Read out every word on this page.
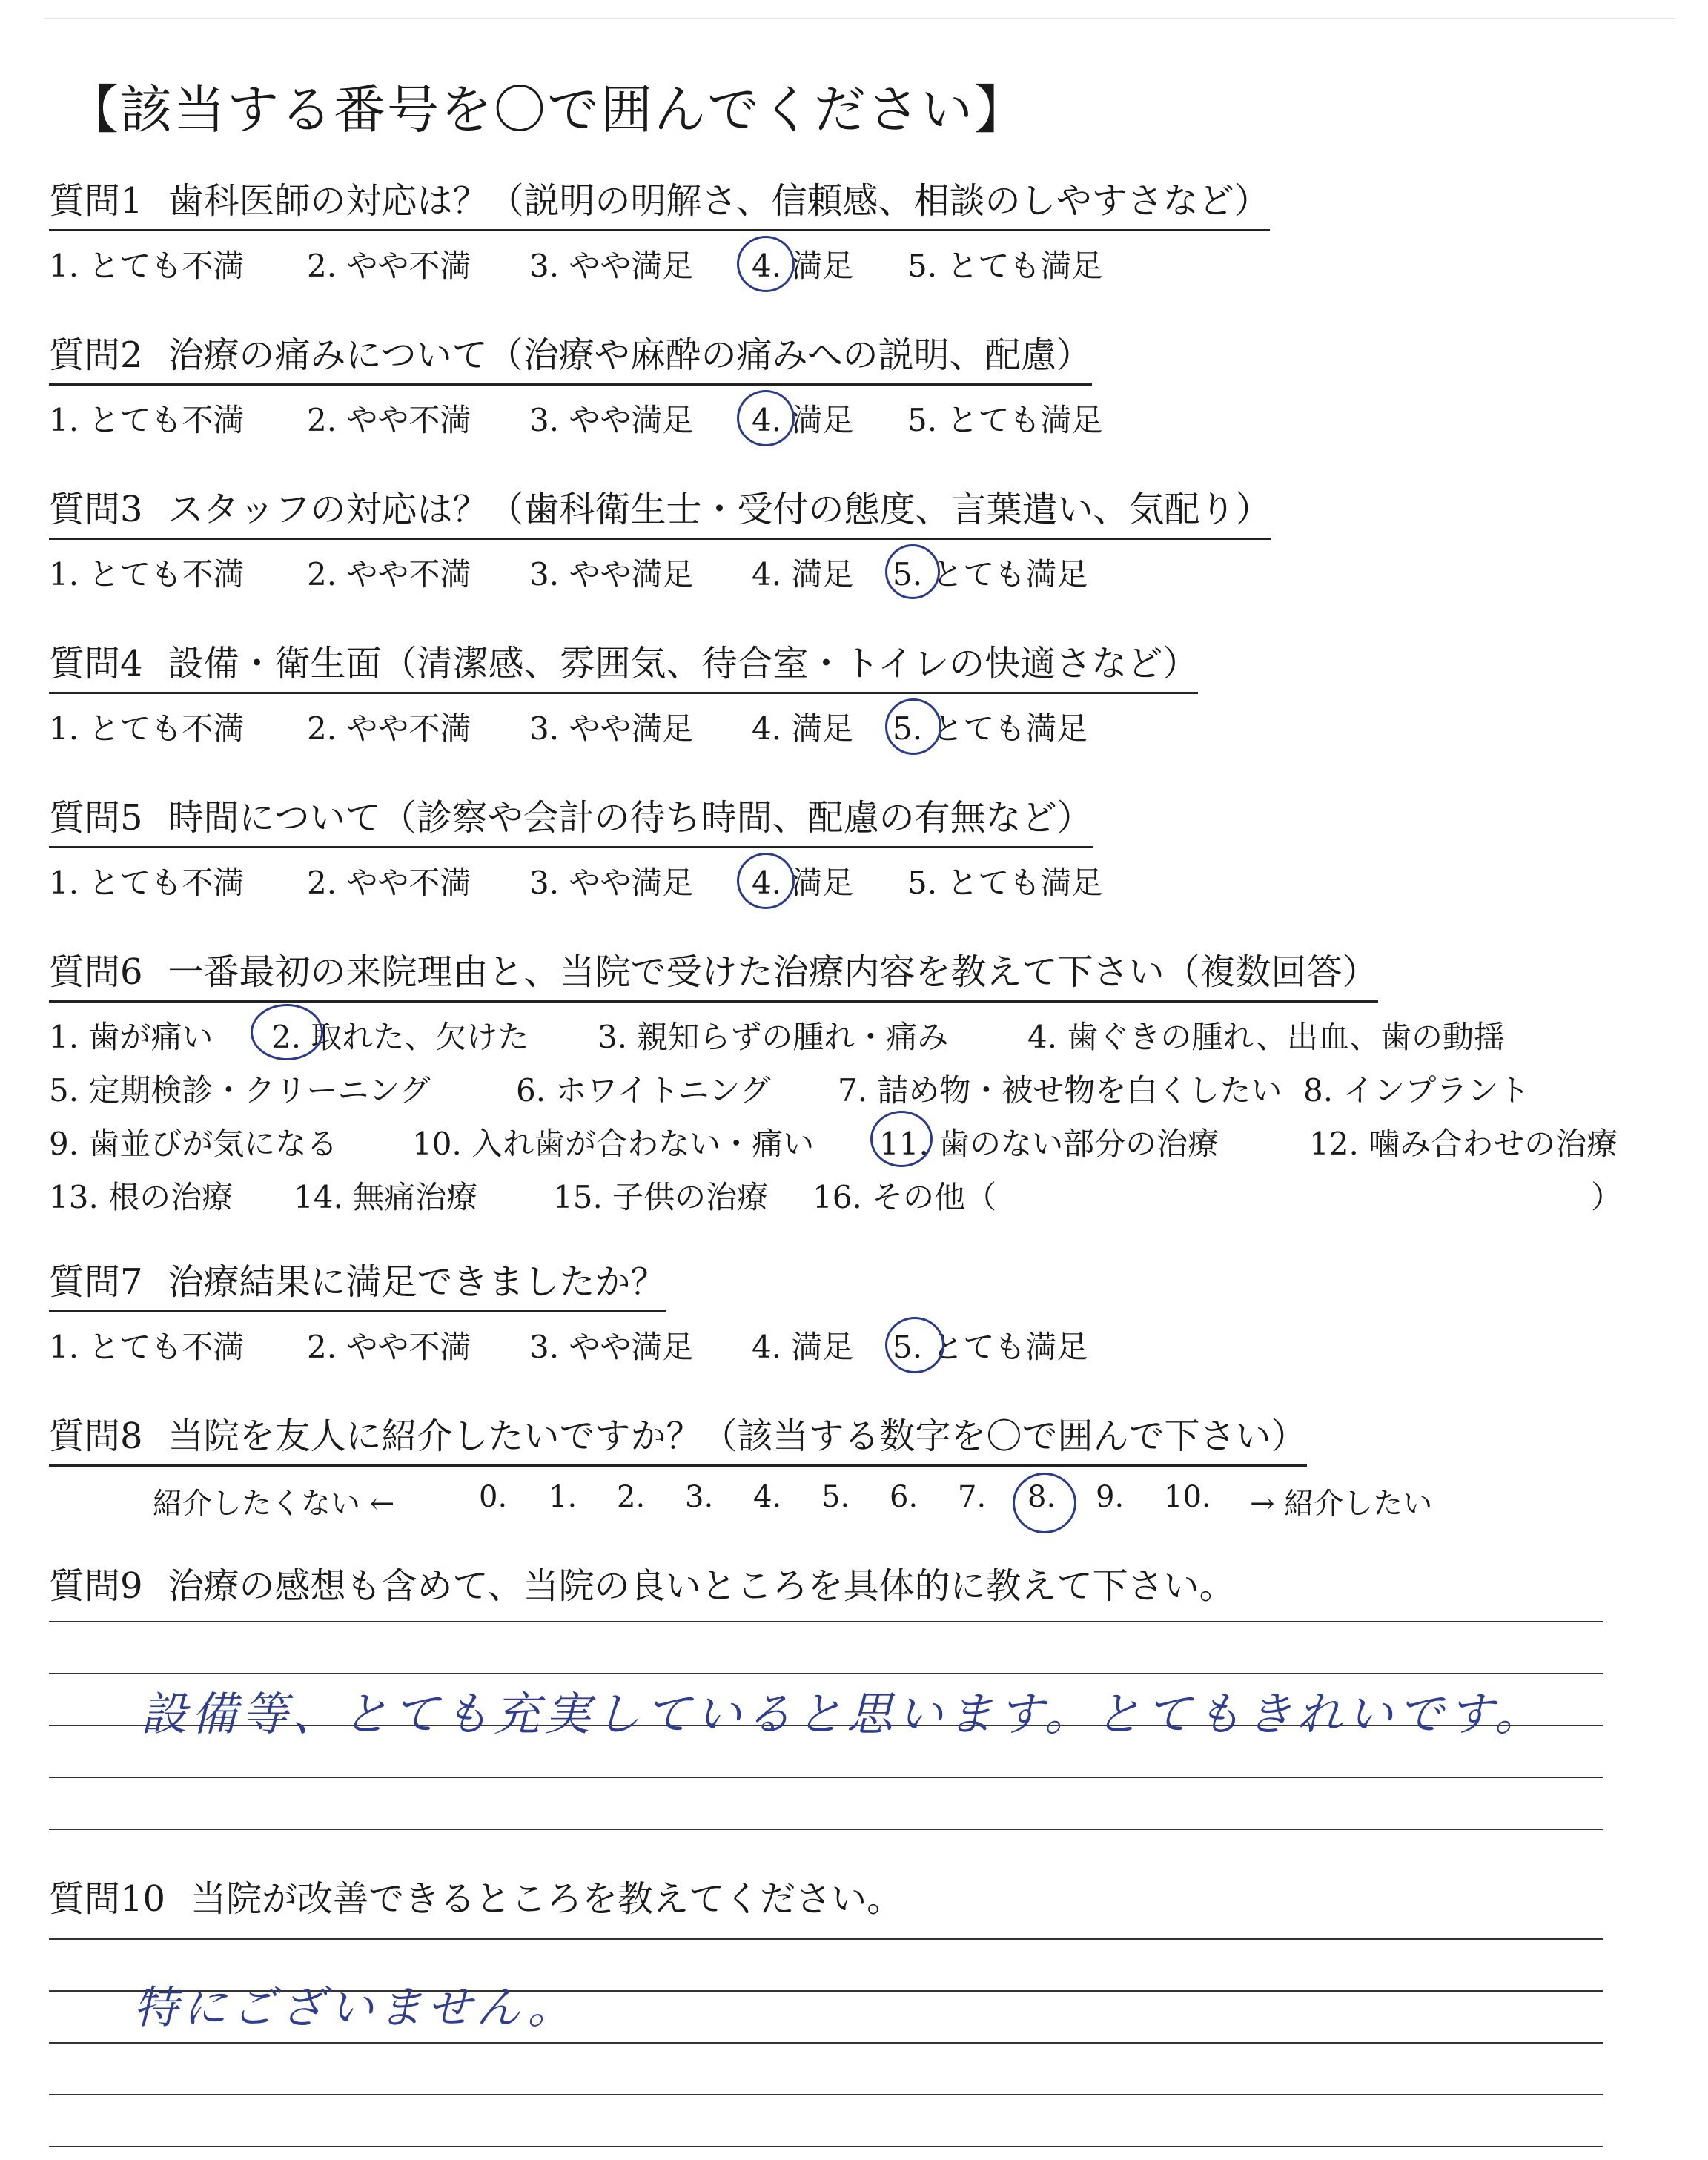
【該当する番号を〇で囲んでください】
質問1 歯科医師の対応は？（説明の明解さ、信頼感、相談のしやすさなど）
1. とても不満 2. やや不満 3. やや満足 4. 満足 5. とても満足
質問2 治療の痛みについて（治療や麻酔の痛みへの説明、配慮）
1. とても不満 2. やや不満 3. やや満足 4. 満足 5. とても満足
質問3 スタッフの対応は？（歯科衛生士・受付の態度、言葉遣い、気配り）
1. とても不満 2. やや不満 3. やや満足 4. 満足 5. とても満足
質問4 設備・衛生面（清潔感、雰囲気、待合室・トイレの快適さなど）
1. とても不満 2. やや不満 3. やや満足 4. 満足 5. とても満足
質問5 時間について（診察や会計の待ち時間、配慮の有無など）
1. とても不満 2. やや不満 3. やや満足 4. 満足 5. とても満足
質問6 一番最初の来院理由と、当院で受けた治療内容を教えて下さい（複数回答）
1. 歯が痛い 2. 取れた、欠けた 3. 親知らずの腫れ・痛み	4. 歯ぐきの腫れ、出血、歯の動揺
5. 定期検診・クリーニング	6. ホワイトニング 7. 詰め物・被せ物を白くしたい 8. インプラント
9. 歯並びが気になる 10. 入れ歯が合わない・痛い 11. 歯のない部分の治療	12. 噛み合わせの治療
13. 根の治療 14. 無痛治療 15. 子供の治療 16. その他（	）
質問7 治療結果に満足できましたか？
1. とても不満 2. やや不満 3. やや満足 4. 満足 5. とても満足
質問8 当院を友人に紹介したいですか？（該当する数字を〇で囲んで下さい）
紹介したくない ←	0. 1. 2. 3. 4. 5. 6. 7. 8. 9. 10. → 紹介したい
質問9 治療の感想も含めて、当院の良いところを具体的に教えて下さい。
設備等、とても充実していると思います。とてもきれいです。
質問10 当院が改善できるところを教えてください。
特にございません。
